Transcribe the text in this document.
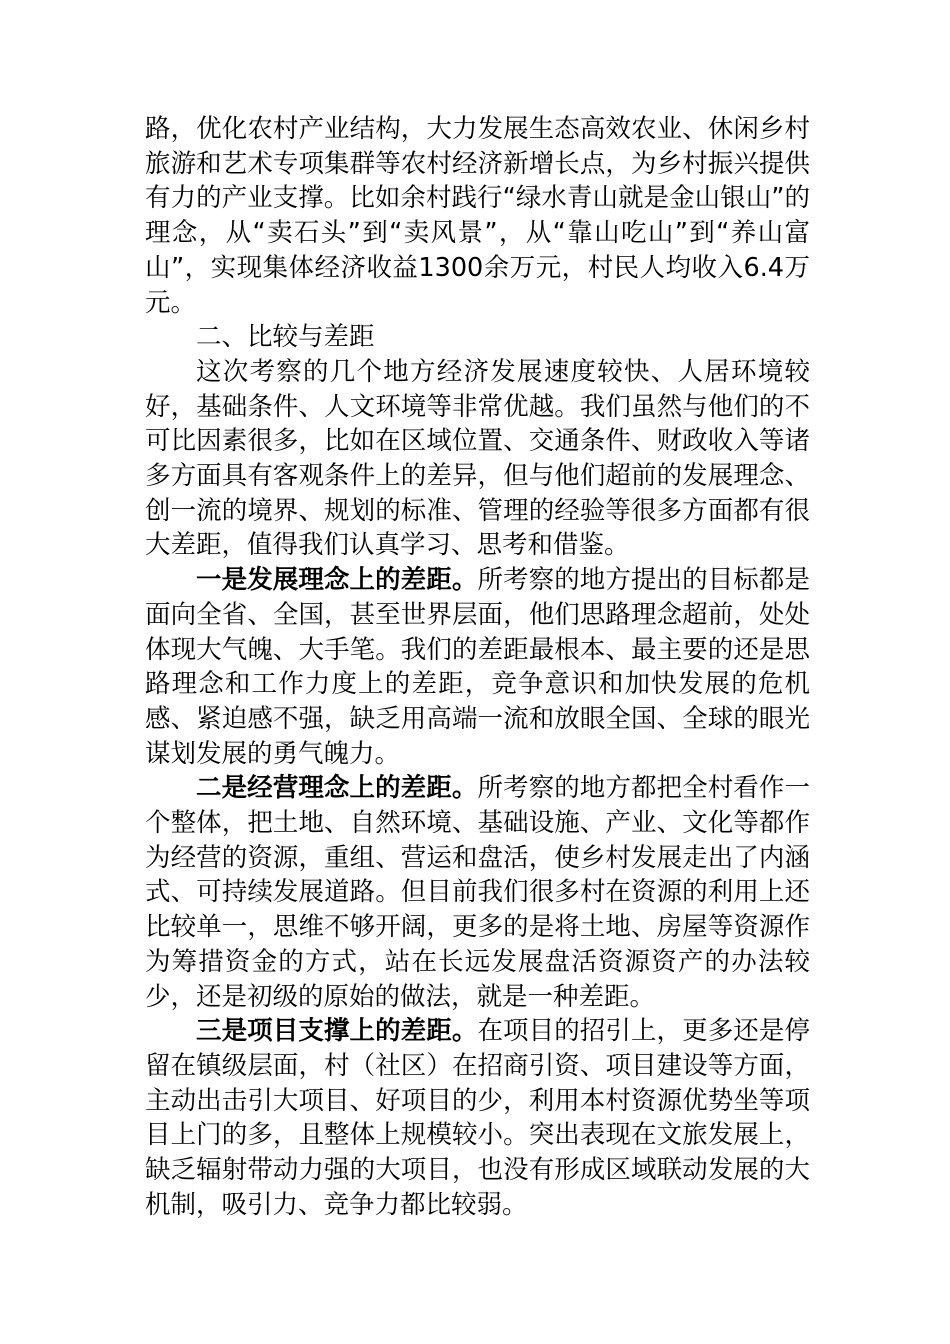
路，优化农村产业结构，大力发展生态高效农业、休闲乡村旅游和艺术专项集群等农村经济新增长点，为乡村振兴提供有力的产业支撑。比如余村践行“绿水青山就是金山银山”的理念，从“卖石头”到“卖风景”，从“靠山吃山”到“养山富山”，实现集体经济收益1300余万元，村民人均收入6.4万元。

二、比较与差距

这次考察的几个地方经济发展速度较快、人居环境较好，基础条件、人文环境等非常优越。我们虽然与他们的不可比因素很多，比如在区域位置、交通条件、财政收入等诸多方面具有客观条件上的差异，但与他们超前的发展理念、创一流的境界、规划的标准、管理的经验等很多方面都有很大差距，值得我们认真学习、思考和借鉴。

一是发展理念上的差距。所考察的地方提出的目标都是面向全省、全国，甚至世界层面，他们思路理念超前，处处体现大气魄、大手笔。我们的差距最根本、最主要的还是思路理念和工作力度上的差距，竞争意识和加快发展的危机感、紧迫感不强，缺乏用高端一流和放眼全国、全球的眼光谋划发展的勇气魄力。

二是经营理念上的差距。所考察的地方都把全村看作一个整体，把土地、自然环境、基础设施、产业、文化等都作为经营的资源，重组、营运和盘活，使乡村发展走出了内涵式、可持续发展道路。但目前我们很多村在资源的利用上还比较单一，思维不够开阔，更多的是将土地、房屋等资源作为筹措资金的方式，站在长远发展盘活资源资产的办法较少，还是初级的原始的做法，就是一种差距。

三是项目支撑上的差距。在项目的招引上，更多还是停留在镇级层面，村（社区）在招商引资、项目建设等方面，主动出击引大项目、好项目的少，利用本村资源优势坐等项目上门的多，且整体上规模较小。突出表现在文旅发展上，缺乏辐射带动力强的大项目，也没有形成区域联动发展的大机制，吸引力、竞争力都比较弱。
